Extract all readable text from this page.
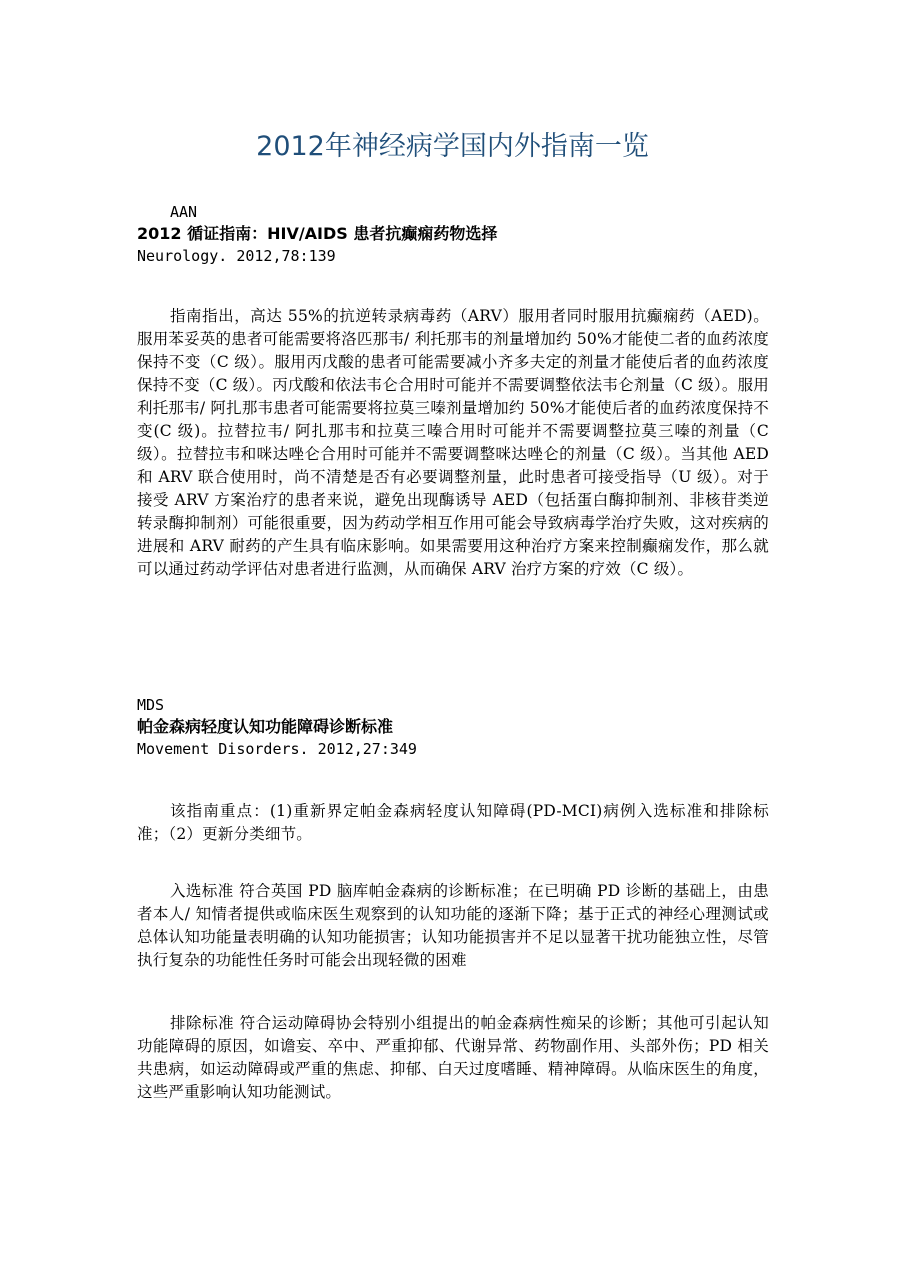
2012年神经病学国内外指南一览

AAN

2012 循证指南：HIV/AIDS 患者抗癫痫药物选择

Neurology. 2012,78:139

指南指出，高达 55%的抗逆转录病毒药（ARV）服用者同时服用抗癫痫药（AED)。服用苯妥英的患者可能需要将洛匹那韦/ 利托那韦的剂量增加约 50%才能使二者的血药浓度保持不变（C 级）。服用丙戊酸的患者可能需要减小齐多夫定的剂量才能使后者的血药浓度保持不变（C 级）。丙戊酸和依法韦仑合用时可能并不需要调整依法韦仑剂量（C 级）。服用利托那韦/ 阿扎那韦患者可能需要将拉莫三嗪剂量增加约 50%才能使后者的血药浓度保持不变(C 级)。拉替拉韦/ 阿扎那韦和拉莫三嗪合用时可能并不需要调整拉莫三嗪的剂量（C 级）。拉替拉韦和咪达唑仑合用时可能并不需要调整咪达唑仑的剂量（C 级）。当其他 AED 和 ARV 联合使用时，尚不清楚是否有必要调整剂量，此时患者可接受指导（U 级）。对于接受 ARV 方案治疗的患者来说，避免出现酶诱导 AED（包括蛋白酶抑制剂、非核苷类逆转录酶抑制剂）可能很重要，因为药动学相互作用可能会导致病毒学治疗失败，这对疾病的进展和 ARV 耐药的产生具有临床影响。如果需要用这种治疗方案来控制癫痫发作，那么就可以通过药动学评估对患者进行监测，从而确保 ARV 治疗方案的疗效（C 级）。

MDS

帕金森病轻度认知功能障碍诊断标准

Movement Disorders. 2012,27:349

该指南重点：(1)重新界定帕金森病轻度认知障碍(PD-MCI)病例入选标准和排除标准；（2）更新分类细节。

入选标准 符合英国 PD 脑库帕金森病的诊断标准；在已明确 PD 诊断的基础上，由患者本人/ 知情者提供或临床医生观察到的认知功能的逐渐下降；基于正式的神经心理测试或总体认知功能量表明确的认知功能损害；认知功能损害并不足以显著干扰功能独立性，尽管执行复杂的功能性任务时可能会出现轻微的困难

排除标准 符合运动障碍协会特别小组提出的帕金森病性痴呆的诊断；其他可引起认知功能障碍的原因，如谵妄、卒中、严重抑郁、代谢异常、药物副作用、头部外伤；PD 相关共患病，如运动障碍或严重的焦虑、抑郁、白天过度嗜睡、精神障碍。从临床医生的角度，这些严重影响认知功能测试。
